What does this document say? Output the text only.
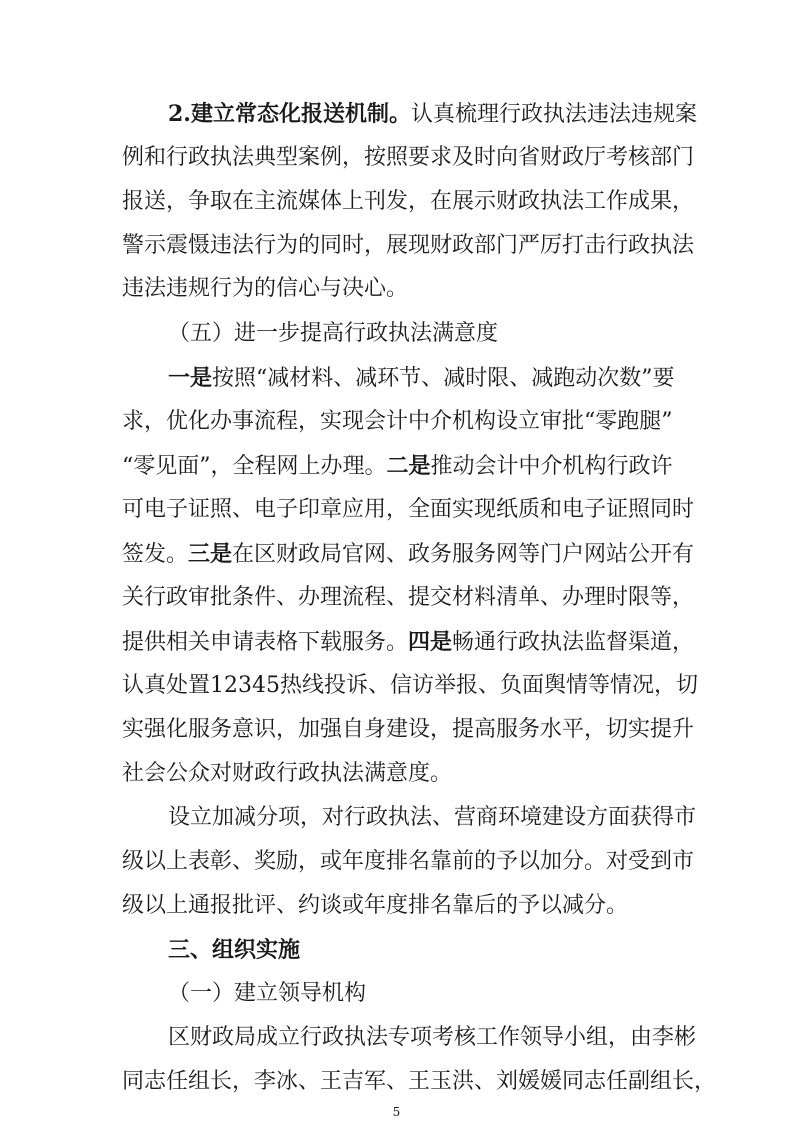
2.建立常态化报送机制。认真梳理行政执法违法违规案
例和行政执法典型案例，按照要求及时向省财政厅考核部门
报送，争取在主流媒体上刊发，在展示财政执法工作成果，
警示震慑违法行为的同时，展现财政部门严厉打击行政执法
违法违规行为的信心与决心。
（五）进一步提高行政执法满意度
一是按照“减材料、减环节、减时限、减跑动次数”要
求，优化办事流程，实现会计中介机构设立审批“零跑腿”
“零见面”，全程网上办理。二是推动会计中介机构行政许
可电子证照、电子印章应用，全面实现纸质和电子证照同时
签发。三是在区财政局官网、政务服务网等门户网站公开有
关行政审批条件、办理流程、提交材料清单、办理时限等，
提供相关申请表格下载服务。四是畅通行政执法监督渠道，
认真处置12345热线投诉、信访举报、负面舆情等情况，切
实强化服务意识，加强自身建设，提高服务水平，切实提升
社会公众对财政行政执法满意度。
设立加减分项，对行政执法、营商环境建设方面获得市
级以上表彰、奖励，或年度排名靠前的予以加分。对受到市
级以上通报批评、约谈或年度排名靠后的予以减分。
三、组织实施
（一）建立领导机构
区财政局成立行政执法专项考核工作领导小组，由李彬
同志任组长，李冰、王吉军、王玉洪、刘媛媛同志任副组长，
5
